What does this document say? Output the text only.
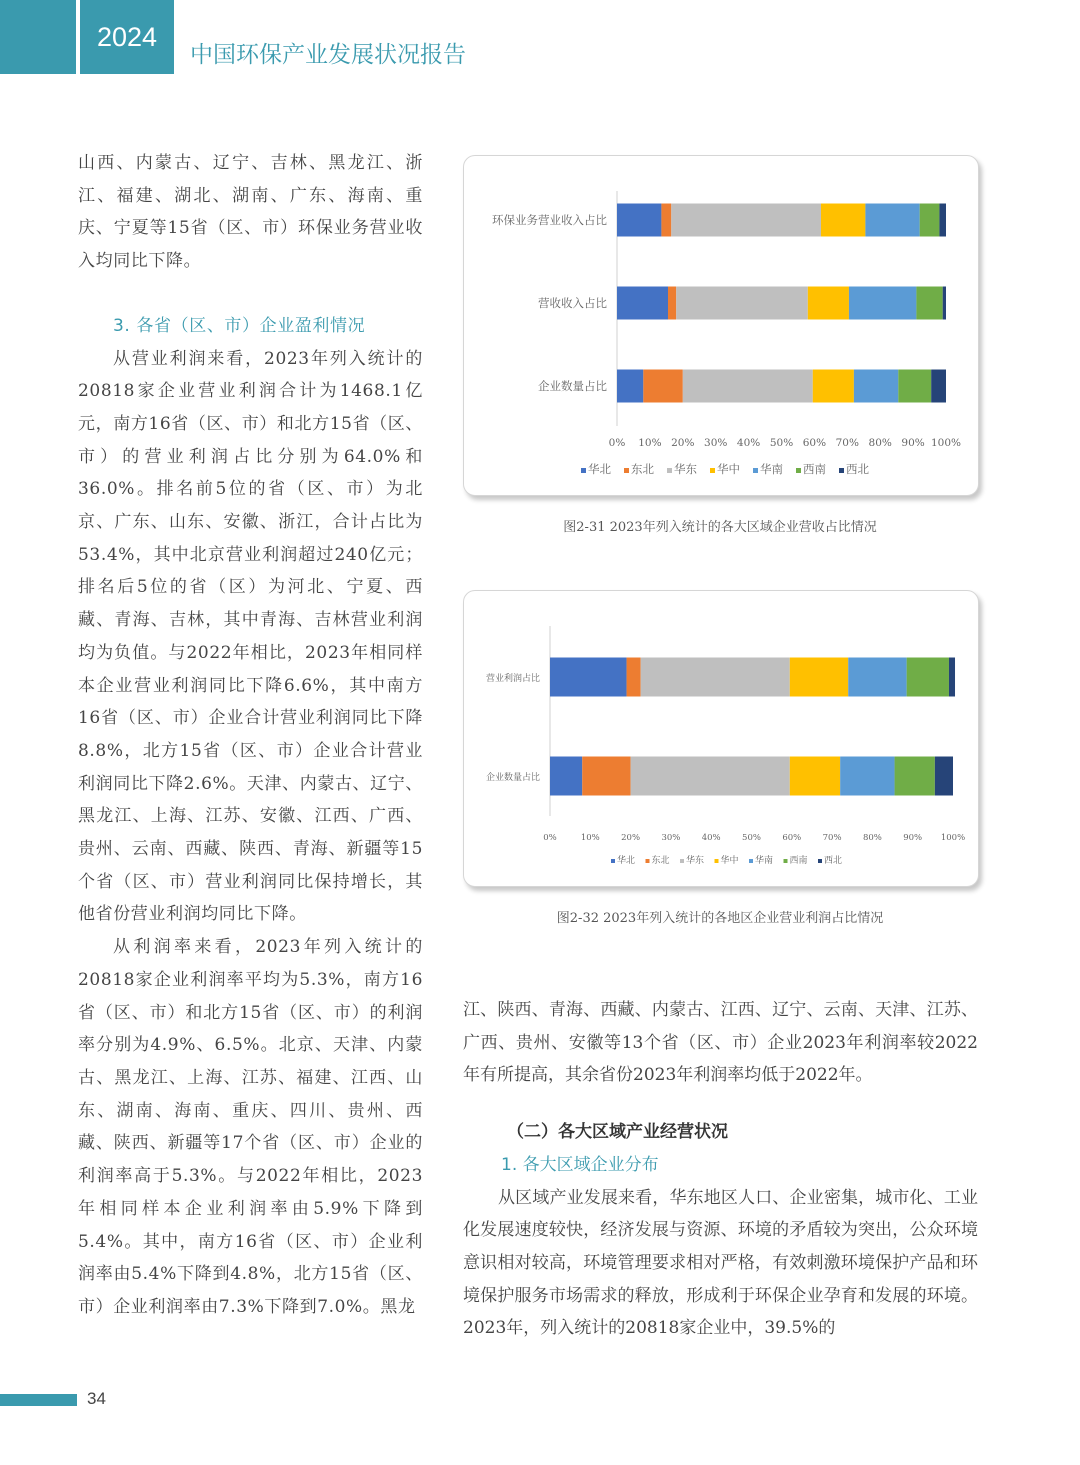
2024
中国环保产业发展状况报告

山西、内蒙古、辽宁、吉林、黑龙江、浙江、福建、湖北、湖南、广东、海南、重庆、宁夏等15省（区、市）环保业务营业收入均同比下降。

3. 各省（区、市）企业盈利情况

从营业利润来看，2023年列入统计的20818家企业营业利润合计为1468.1亿元，南方16省（区、市）和北方15省（区、市）的营业利润占比分别为64.0%和36.0%。排名前5位的省（区、市）为北京、广东、山东、安徽、浙江，合计占比为53.4%，其中北京营业利润超过240亿元；排名后5位的省（区）为河北、宁夏、西藏、青海、吉林，其中青海、吉林营业利润均为负值。与2022年相比，2023年相同样本企业营业利润同比下降6.6%，其中南方16省（区、市）企业合计营业利润同比下降8.8%，北方15省（区、市）企业合计营业利润同比下降2.6%。天津、内蒙古、辽宁、黑龙江、上海、江苏、安徽、江西、广西、贵州、云南、西藏、陕西、青海、新疆等15个省（区、市）营业利润同比保持增长，其他省份营业利润均同比下降。

从利润率来看，2023年列入统计的20818家企业利润率平均为5.3%，南方16省（区、市）和北方15省（区、市）的利润率分别为4.9%、6.5%。北京、天津、内蒙古、黑龙江、上海、江苏、福建、江西、山东、湖南、海南、重庆、四川、贵州、西藏、陕西、新疆等17个省（区、市）企业的利润率高于5.3%。与2022年相比，2023年相同样本企业利润率由5.9%下降到5.4%。其中，南方16省（区、市）企业利润率由5.4%下降到4.8%，北方15省（区、市）企业利润率由7.3%下降到7.0%。黑龙

环保业务营业收入占比
营收收入占比
企业数量占比
0% 10% 20% 30% 40% 50% 60% 70% 80% 90% 100%
华北 东北 华东 华中 华南 西南 西北
图2-31 2023年列入统计的各大区域企业营收占比情况
营业利润占比
企业数量占比
0%	10%	20%	30%	40%	50%	60%	70%	80%	90% 100%
华北 东北 华东 华中 华南 西南 西北
图2-32 2023年列入统计的各地区企业营业利润占比情况

江、陕西、青海、西藏、内蒙古、江西、辽宁、云南、天津、江苏、广西、贵州、安徽等13个省（区、市）企业2023年利润率较2022年有所提高，其余省份2023年利润率均低于2022年。

（二）各大区域产业经营状况

1. 各大区域企业分布

从区域产业发展来看，华东地区人口、企业密集，城市化、工业化发展速度较快，经济发展与资源、环境的矛盾较为突出，公众环境意识相对较高，环境管理要求相对严格，有效刺激环境保护产品和环境保护服务市场需求的释放，形成利于环保企业孕育和发展的环境。2023年，列入统计的20818家企业中，39.5%的

34
